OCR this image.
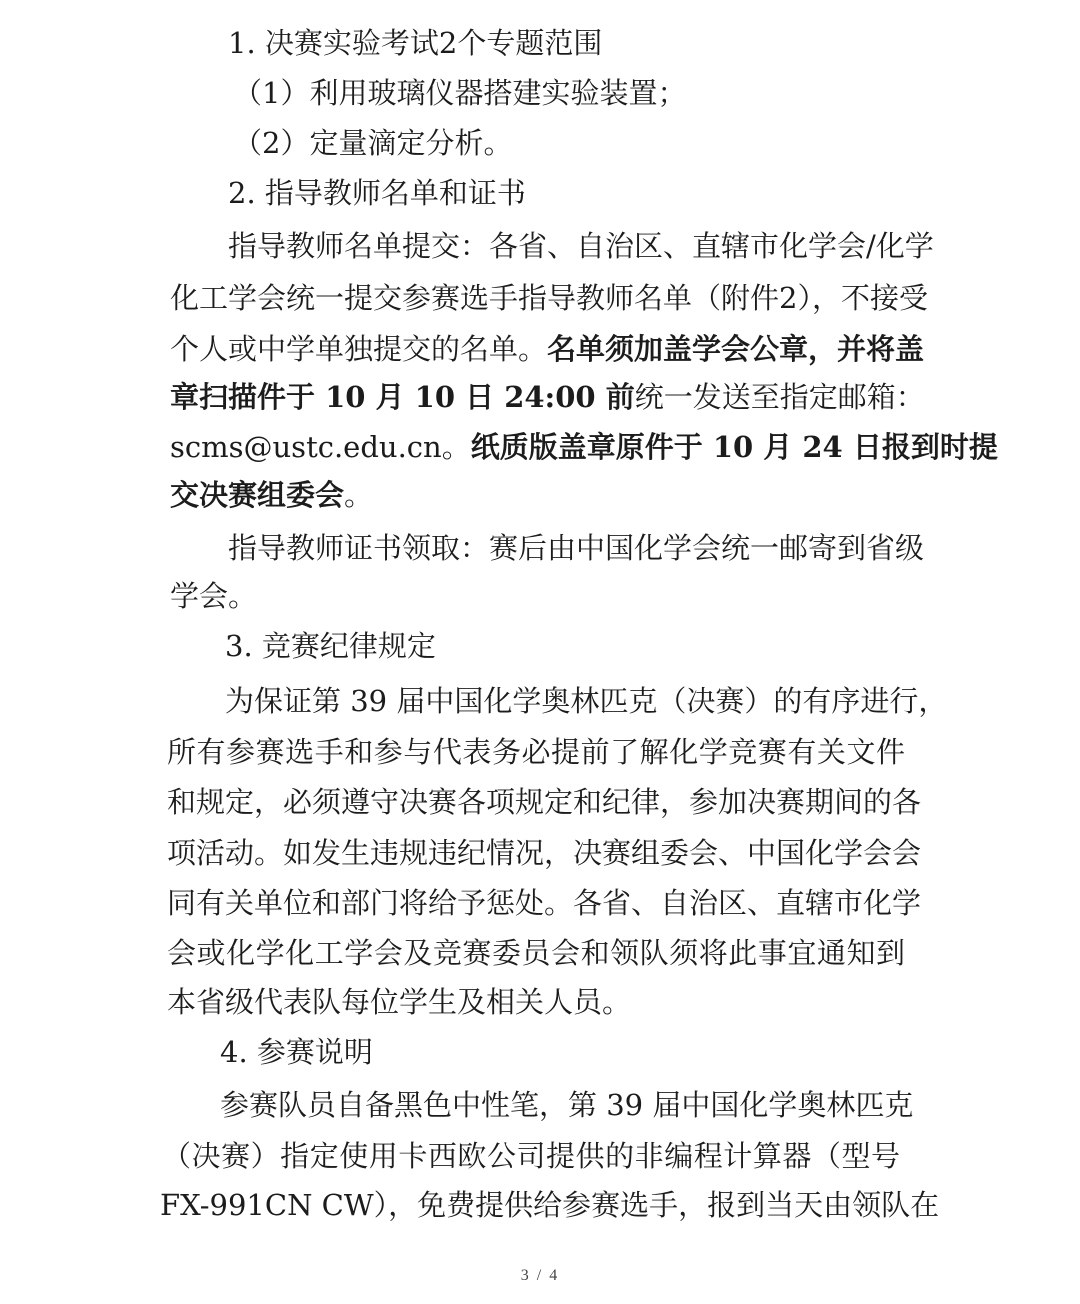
1. 决赛实验考试2个专题范围
（1）利用玻璃仪器搭建实验装置；
（2）定量滴定分析。
2. 指导教师名单和证书
指导教师名单提交：各省、自治区、直辖市化学会/化学
化工学会统一提交参赛选手指导教师名单（附件2），不接受
个人或中学单独提交的名单。名单须加盖学会公章，并将盖
章扫描件于 10 月 10 日 24:00 前统一发送至指定邮箱：
scms@ustc.edu.cn。纸质版盖章原件于 10 月 24 日报到时提
交决赛组委会。
指导教师证书领取：赛后由中国化学会统一邮寄到省级
学会。
3. 竞赛纪律规定
为保证第 39 届中国化学奥林匹克（决赛）的有序进行，
所有参赛选手和参与代表务必提前了解化学竞赛有关文件
和规定，必须遵守决赛各项规定和纪律，参加决赛期间的各
项活动。如发生违规违纪情况，决赛组委会、中国化学会会
同有关单位和部门将给予惩处。各省、自治区、直辖市化学
会或化学化工学会及竞赛委员会和领队须将此事宜通知到
本省级代表队每位学生及相关人员。
4. 参赛说明
参赛队员自备黑色中性笔，第 39 届中国化学奥林匹克
（决赛）指定使用卡西欧公司提供的非编程计算器（型号
FX-991CN CW），免费提供给参赛选手，报到当天由领队在
3 / 4
